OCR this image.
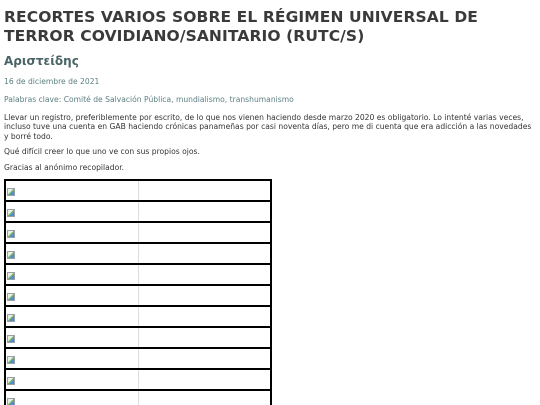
RECORTES VARIOS SOBRE EL RÉGIMEN UNIVERSAL DE TERROR COVIDIANO/SANITARIO (RUTC/S)
Αριστείδης

16 de diciembre de 2021

Palabras clave: Comité de Salvación Pública, mundialismo, transhumanismo

Llevar un registro, preferiblemente por escrito, de lo que nos vienen haciendo desde marzo 2020 es obligatorio. Lo intenté varias veces, incluso tuve una cuenta en GAB haciendo crónicas panameñas por casi noventa días, pero me di cuenta que era adicción a las novedades y borré todo.

Qué difícil creer lo que uno ve con sus propios ojos.

Gracias al anónimo recopilador.
